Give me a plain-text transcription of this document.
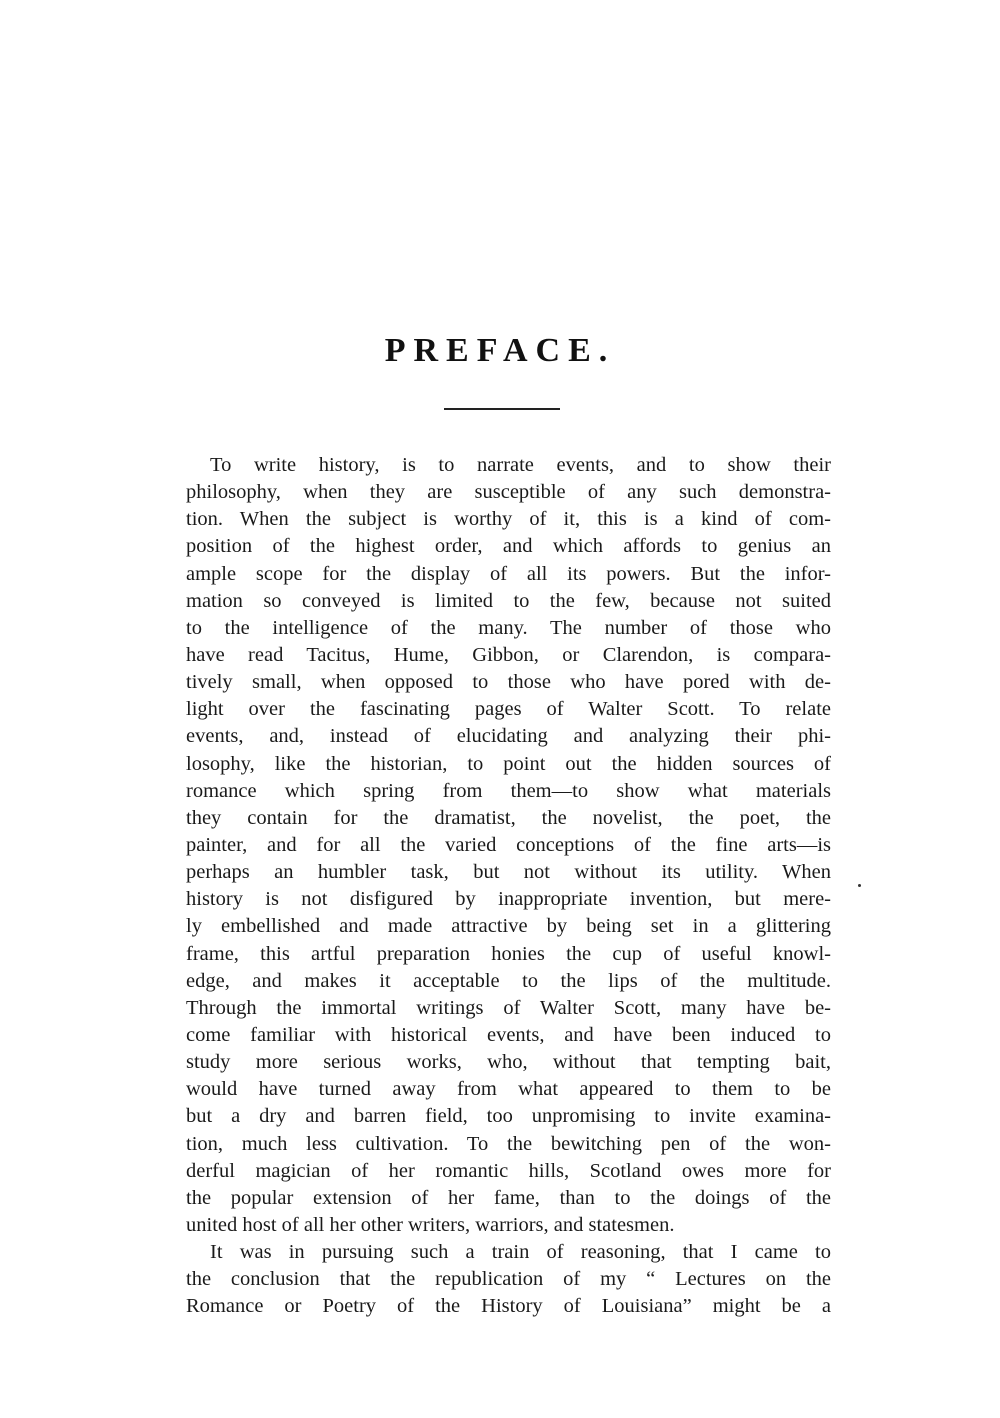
PREFACE.
To write history, is to narrate events, and to show their
philosophy, when they are susceptible of any such demonstra-
tion. When the subject is worthy of it, this is a kind of com-
position of the highest order, and which affords to genius an
ample scope for the display of all its powers. But the infor-
mation so conveyed is limited to the few, because not suited
to the intelligence of the many. The number of those who
have read Tacitus, Hume, Gibbon, or Clarendon, is compara-
tively small, when opposed to those who have pored with de-
light over the fascinating pages of Walter Scott. To relate
events, and, instead of elucidating and analyzing their phi-
losophy, like the historian, to point out the hidden sources of
romance which spring from them—to show what materials
they contain for the dramatist, the novelist, the poet, the
painter, and for all the varied conceptions of the fine arts—is
perhaps an humbler task, but not without its utility. When
history is not disfigured by inappropriate invention, but mere-
ly embellished and made attractive by being set in a glittering
frame, this artful preparation honies the cup of useful knowl-
edge, and makes it acceptable to the lips of the multitude.
Through the immortal writings of Walter Scott, many have be-
come familiar with historical events, and have been induced to
study more serious works, who, without that tempting bait,
would have turned away from what appeared to them to be
but a dry and barren field, too unpromising to invite examina-
tion, much less cultivation. To the bewitching pen of the won-
derful magician of her romantic hills, Scotland owes more for
the popular extension of her fame, than to the doings of the
united host of all her other writers, warriors, and statesmen.
It was in pursuing such a train of reasoning, that I came to
the conclusion that the republication of my “ Lectures on the
Romance or Poetry of the History of Louisiana” might be a
